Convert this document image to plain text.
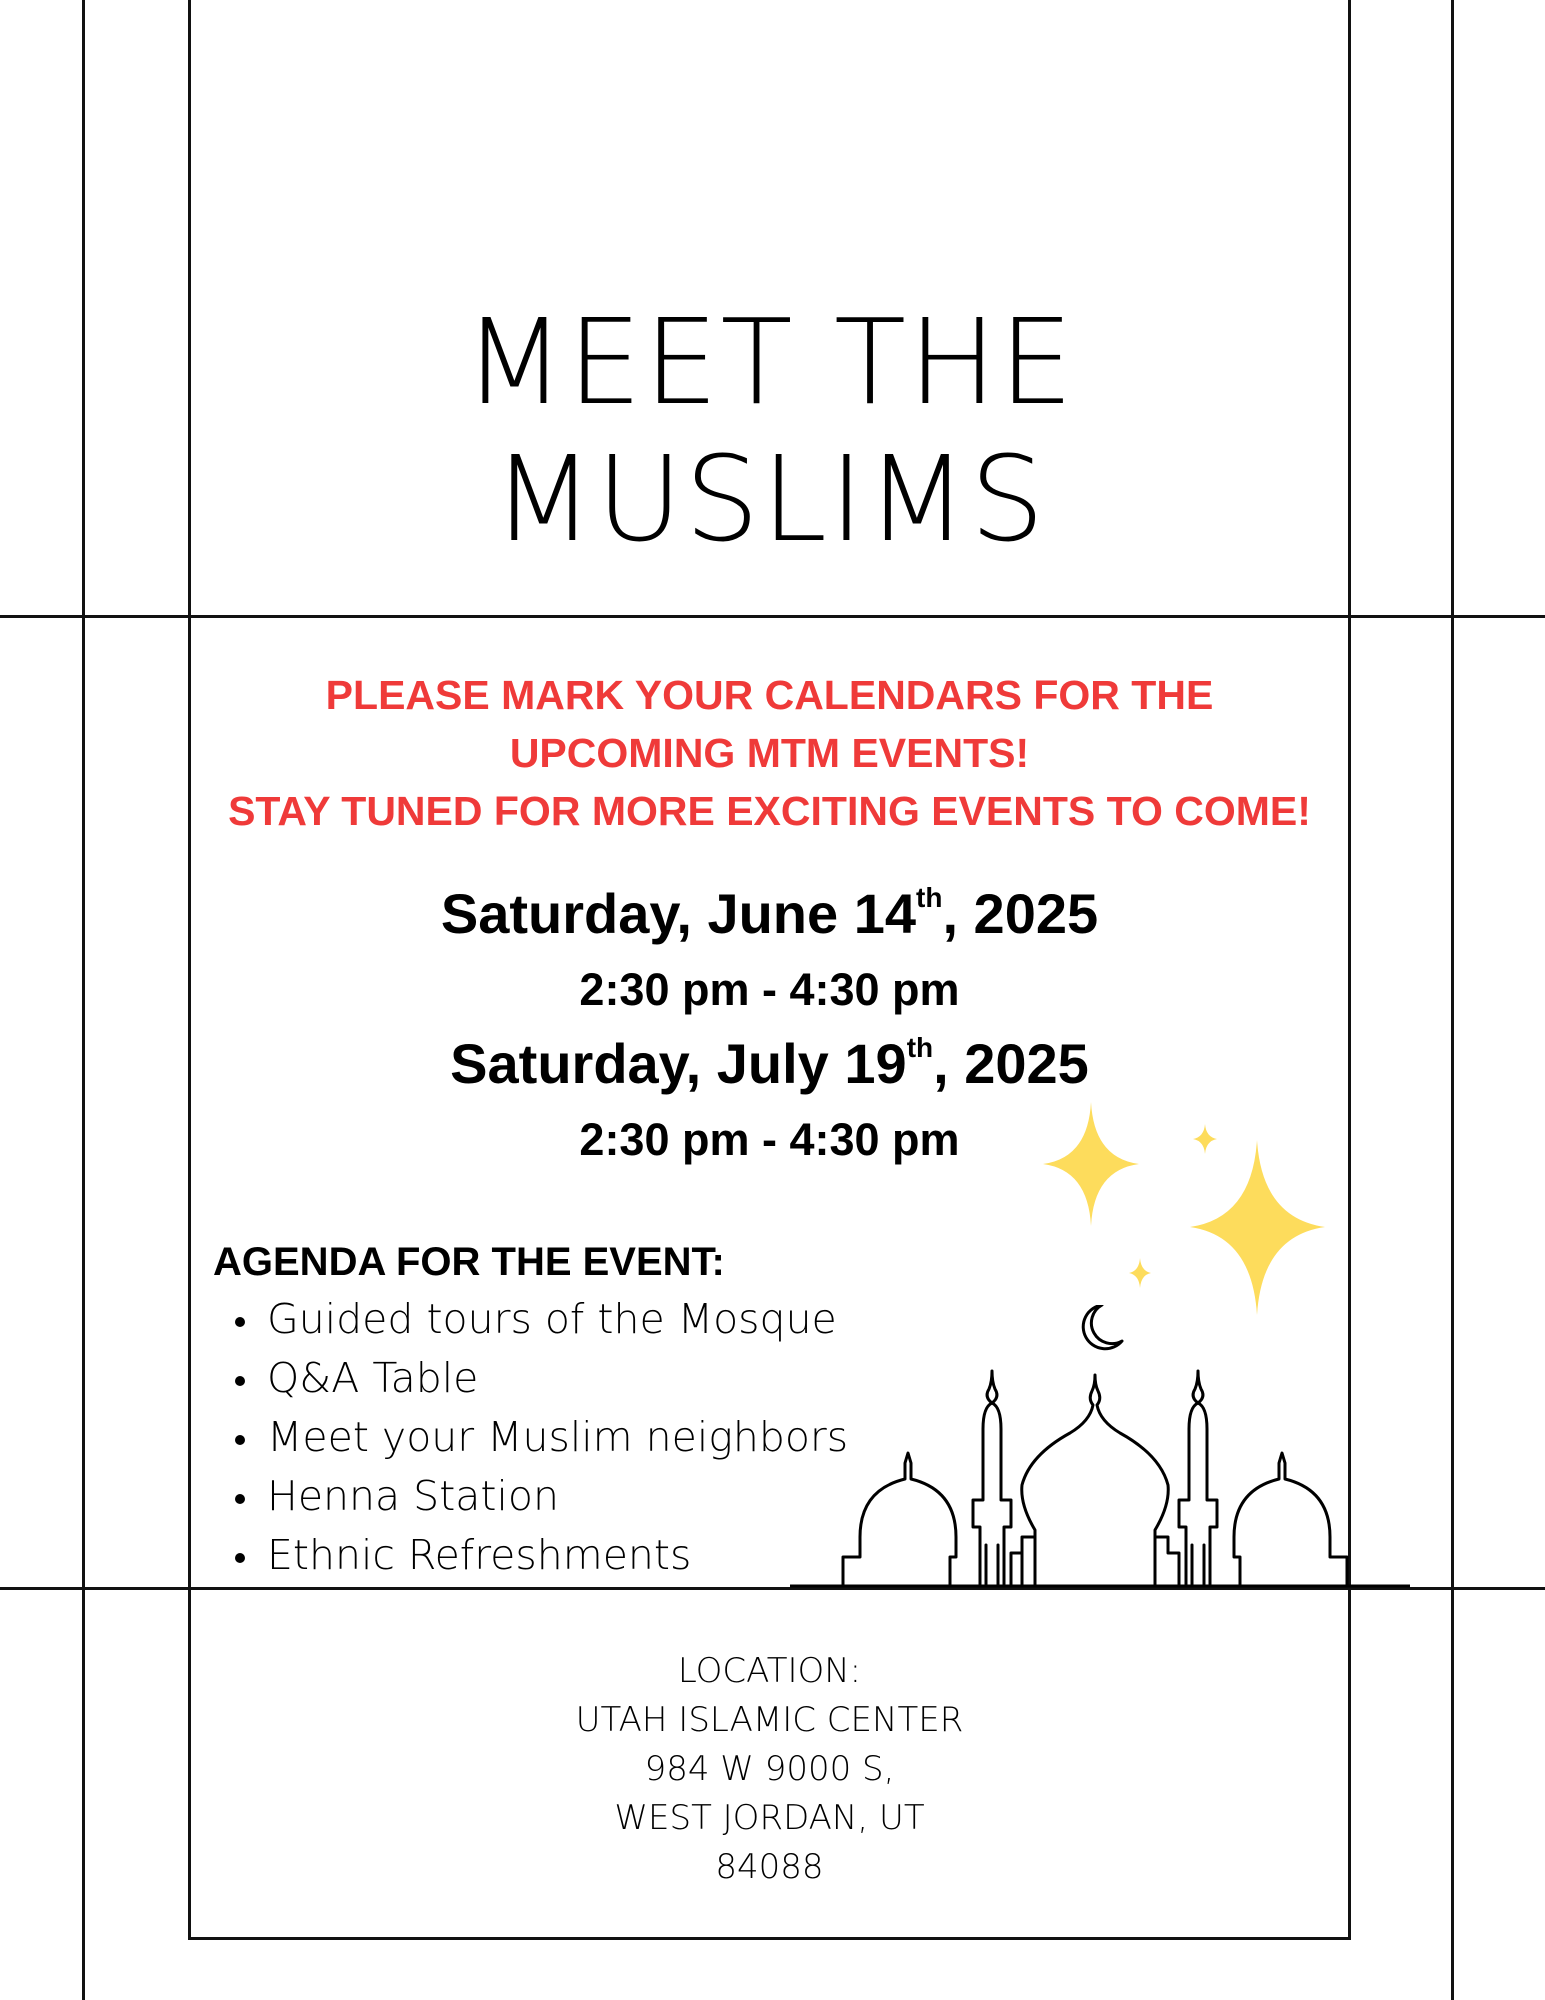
MEET THE
MUSLIMS

PLEASE MARK YOUR CALENDARS FOR THE

UPCOMING MTM EVENTS!

STAY TUNED FOR MORE EXCITING EVENTS TO COME!

Saturday, June 14th, 2025

2:30 pm - 4:30 pm

Saturday, July 19th, 2025

2:30 pm - 4:30 pm

AGENDA FOR THE EVENT:

Guided tours of the Mosque
Q&A Table
Meet your Muslim neighbors
Henna Station
Ethnic Refreshments
LOCATION:
UTAH ISLAMIC CENTER
984 W 9000 S,
WEST JORDAN, UT
84088
